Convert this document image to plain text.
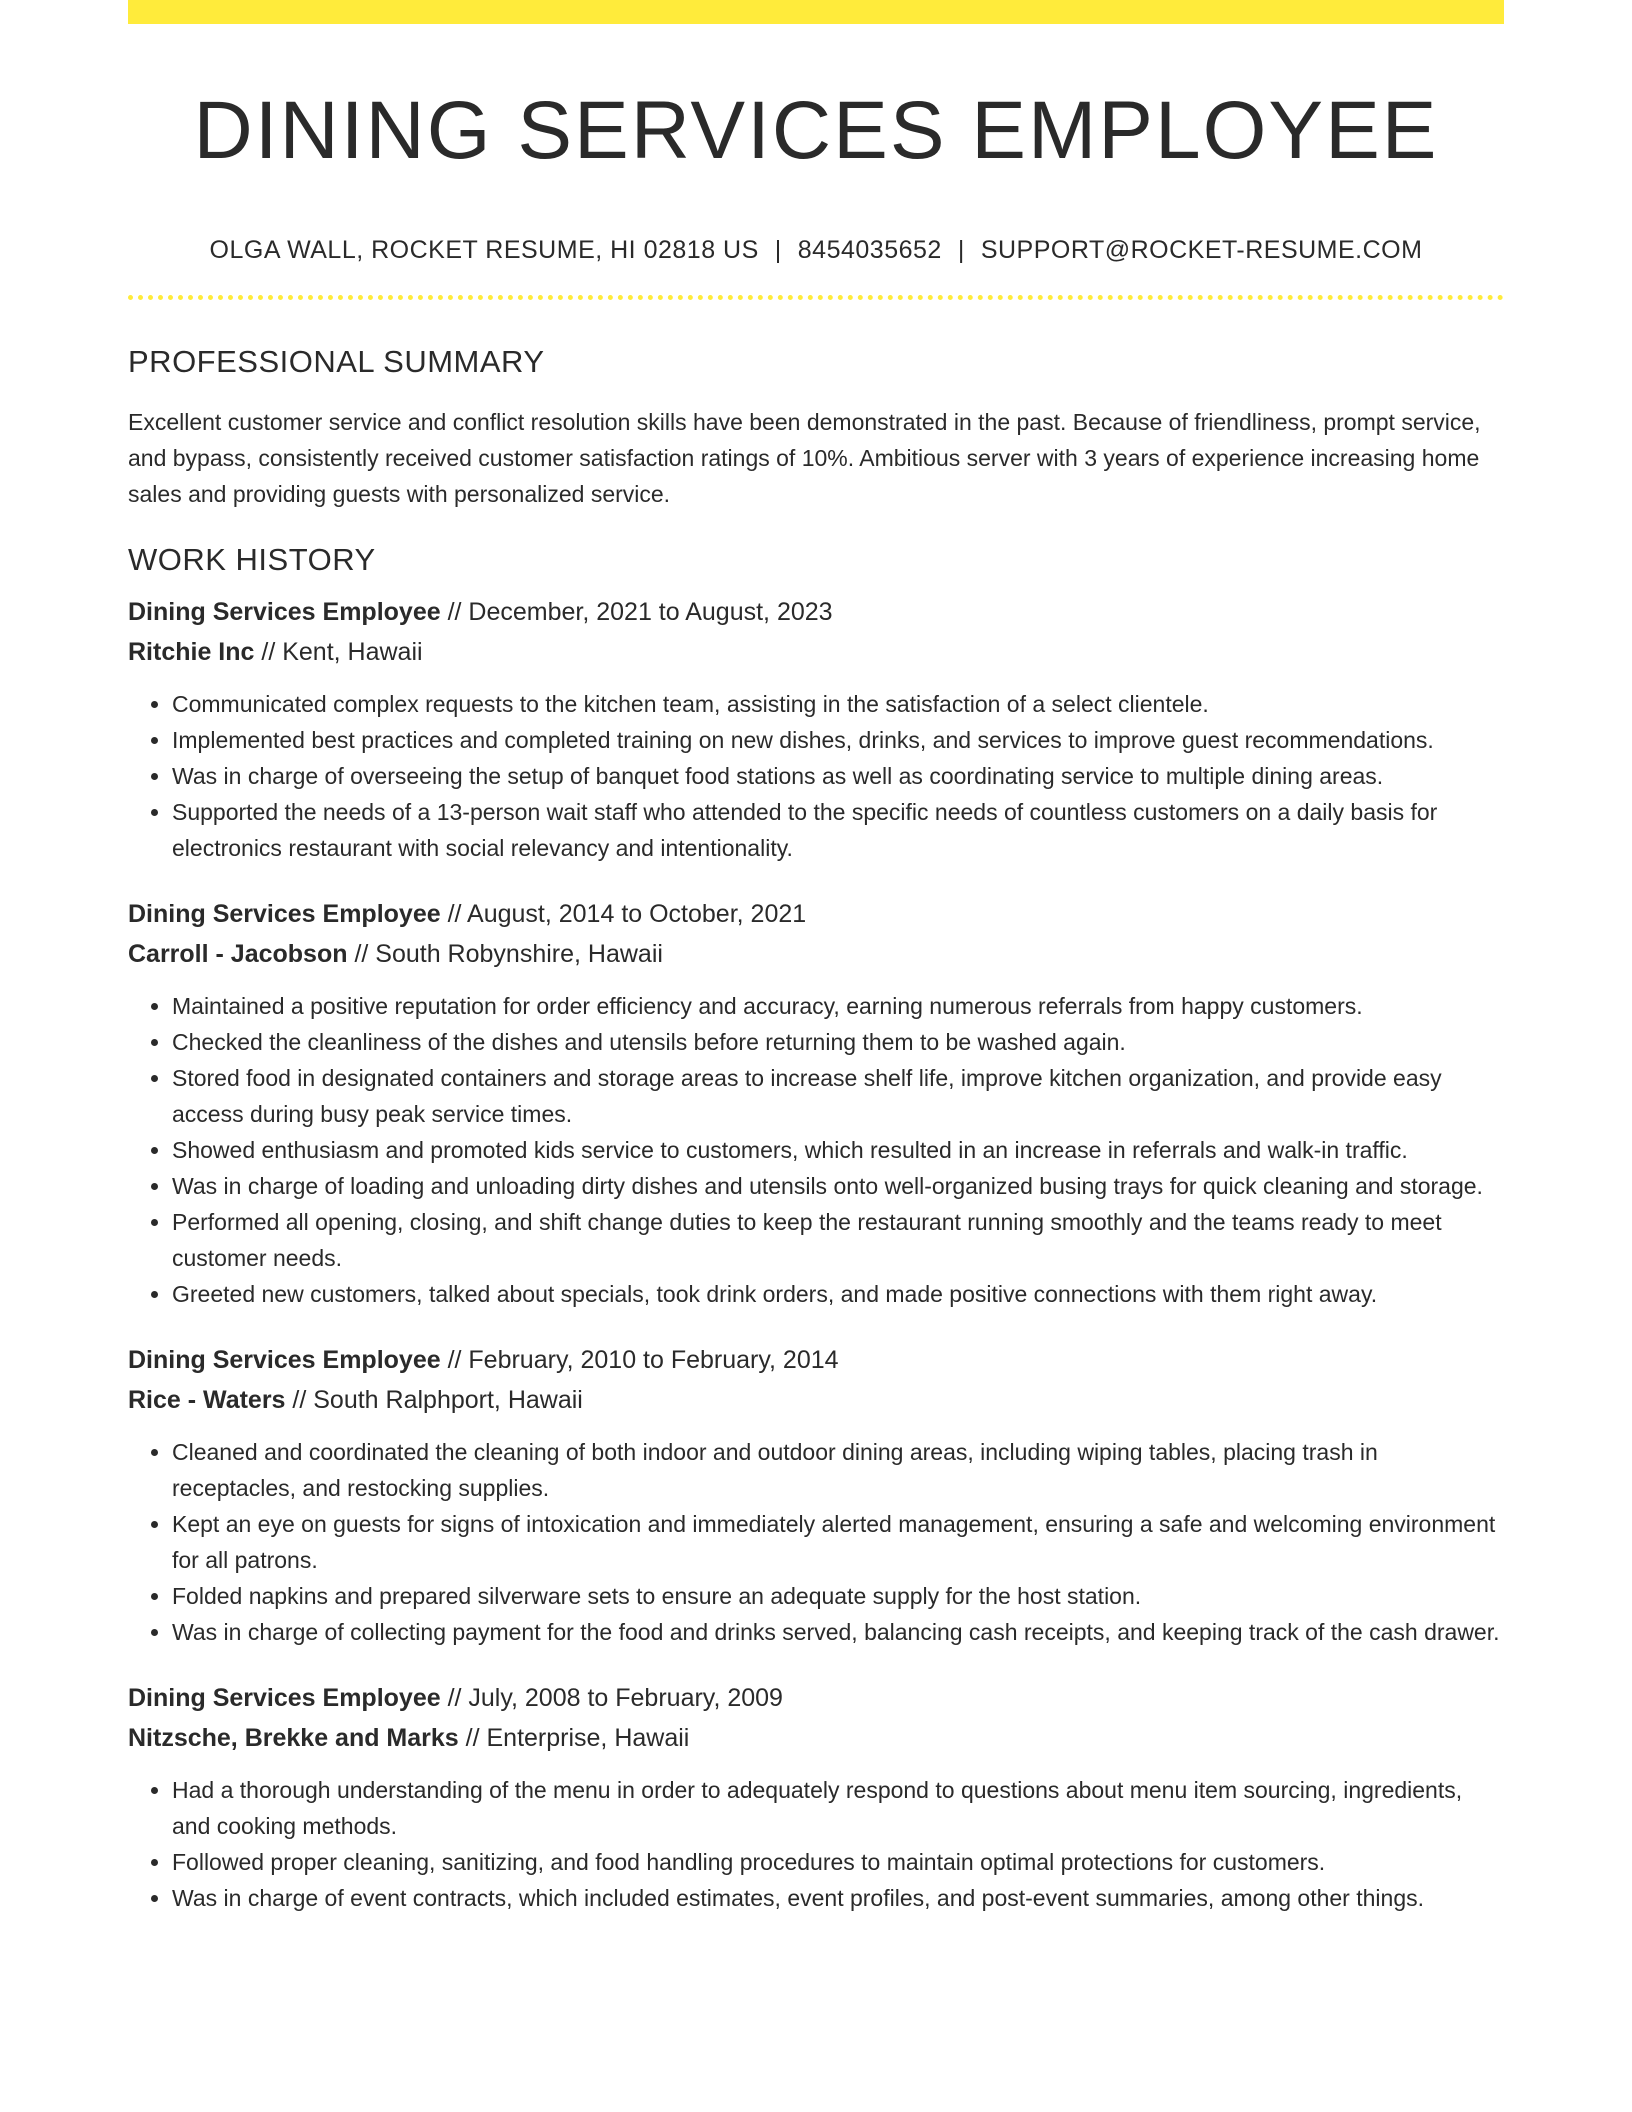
DINING SERVICES EMPLOYEE
OLGA WALL, ROCKET RESUME, HI 02818 US | 8454035652 | SUPPORT@ROCKET-RESUME.COM
PROFESSIONAL SUMMARY

Excellent customer service and conflict resolution skills have been demonstrated in the past. Because of friendliness, prompt service, and bypass, consistently received customer satisfaction ratings of 10%. Ambitious server with 3 years of experience increasing home sales and providing guests with personalized service.

WORK HISTORY
Dining Services Employee // December, 2021 to August, 2023
Ritchie Inc // Kent, Hawaii
• Communicated complex requests to the kitchen team, assisting in the satisfaction of a select clientele.
• Implemented best practices and completed training on new dishes, drinks, and services to improve guest recommendations.
• Was in charge of overseeing the setup of banquet food stations as well as coordinating service to multiple dining areas.
• Supported the needs of a 13-person wait staff who attended to the specific needs of countless customers on a daily basis for electronics restaurant with social relevancy and intentionality.
Dining Services Employee // August, 2014 to October, 2021
Carroll - Jacobson // South Robynshire, Hawaii
• Maintained a positive reputation for order efficiency and accuracy, earning numerous referrals from happy customers.
• Checked the cleanliness of the dishes and utensils before returning them to be washed again.
• Stored food in designated containers and storage areas to increase shelf life, improve kitchen organization, and provide easy access during busy peak service times.
• Showed enthusiasm and promoted kids service to customers, which resulted in an increase in referrals and walk-in traffic.
• Was in charge of loading and unloading dirty dishes and utensils onto well-organized busing trays for quick cleaning and storage.
• Performed all opening, closing, and shift change duties to keep the restaurant running smoothly and the teams ready to meet customer needs.
• Greeted new customers, talked about specials, took drink orders, and made positive connections with them right away.
Dining Services Employee // February, 2010 to February, 2014
Rice - Waters // South Ralphport, Hawaii
• Cleaned and coordinated the cleaning of both indoor and outdoor dining areas, including wiping tables, placing trash in receptacles, and restocking supplies.
• Kept an eye on guests for signs of intoxication and immediately alerted management, ensuring a safe and welcoming environment for all patrons.
• Folded napkins and prepared silverware sets to ensure an adequate supply for the host station.
• Was in charge of collecting payment for the food and drinks served, balancing cash receipts, and keeping track of the cash drawer.
Dining Services Employee // July, 2008 to February, 2009
Nitzsche, Brekke and Marks // Enterprise, Hawaii
• Had a thorough understanding of the menu in order to adequately respond to questions about menu item sourcing, ingredients, and cooking methods.
• Followed proper cleaning, sanitizing, and food handling procedures to maintain optimal protections for customers.
• Was in charge of event contracts, which included estimates, event profiles, and post-event summaries, among other things.
